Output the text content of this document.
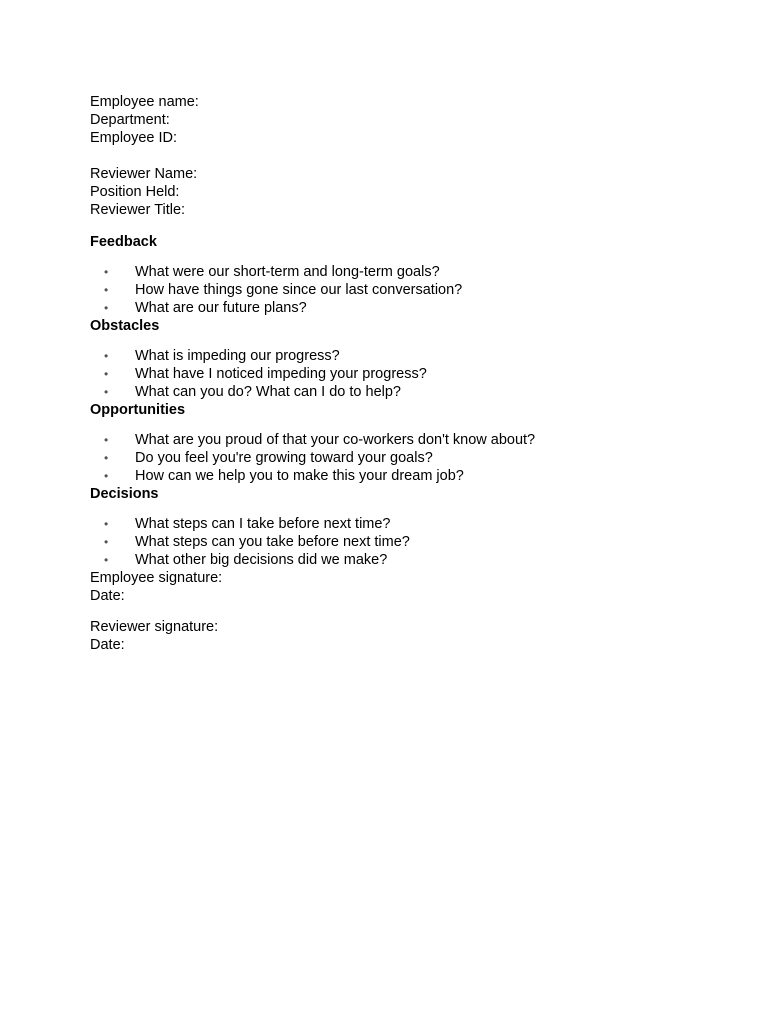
Employee name:
Department:
Employee ID:
Reviewer Name:
Position Held:
Reviewer Title:
Feedback
• What were our short-term and long-term goals?
• How have things gone since our last conversation?
• What are our future plans?
Obstacles
• What is impeding our progress?
• What have I noticed impeding your progress?
• What can you do? What can I do to help?
Opportunities
• What are you proud of that your co-workers don't know about?
• Do you feel you're growing toward your goals?
• How can we help you to make this your dream job?
Decisions
• What steps can I take before next time?
• What steps can you take before next time?
• What other big decisions did we make?
Employee signature:
Date:
Reviewer signature:
Date:
